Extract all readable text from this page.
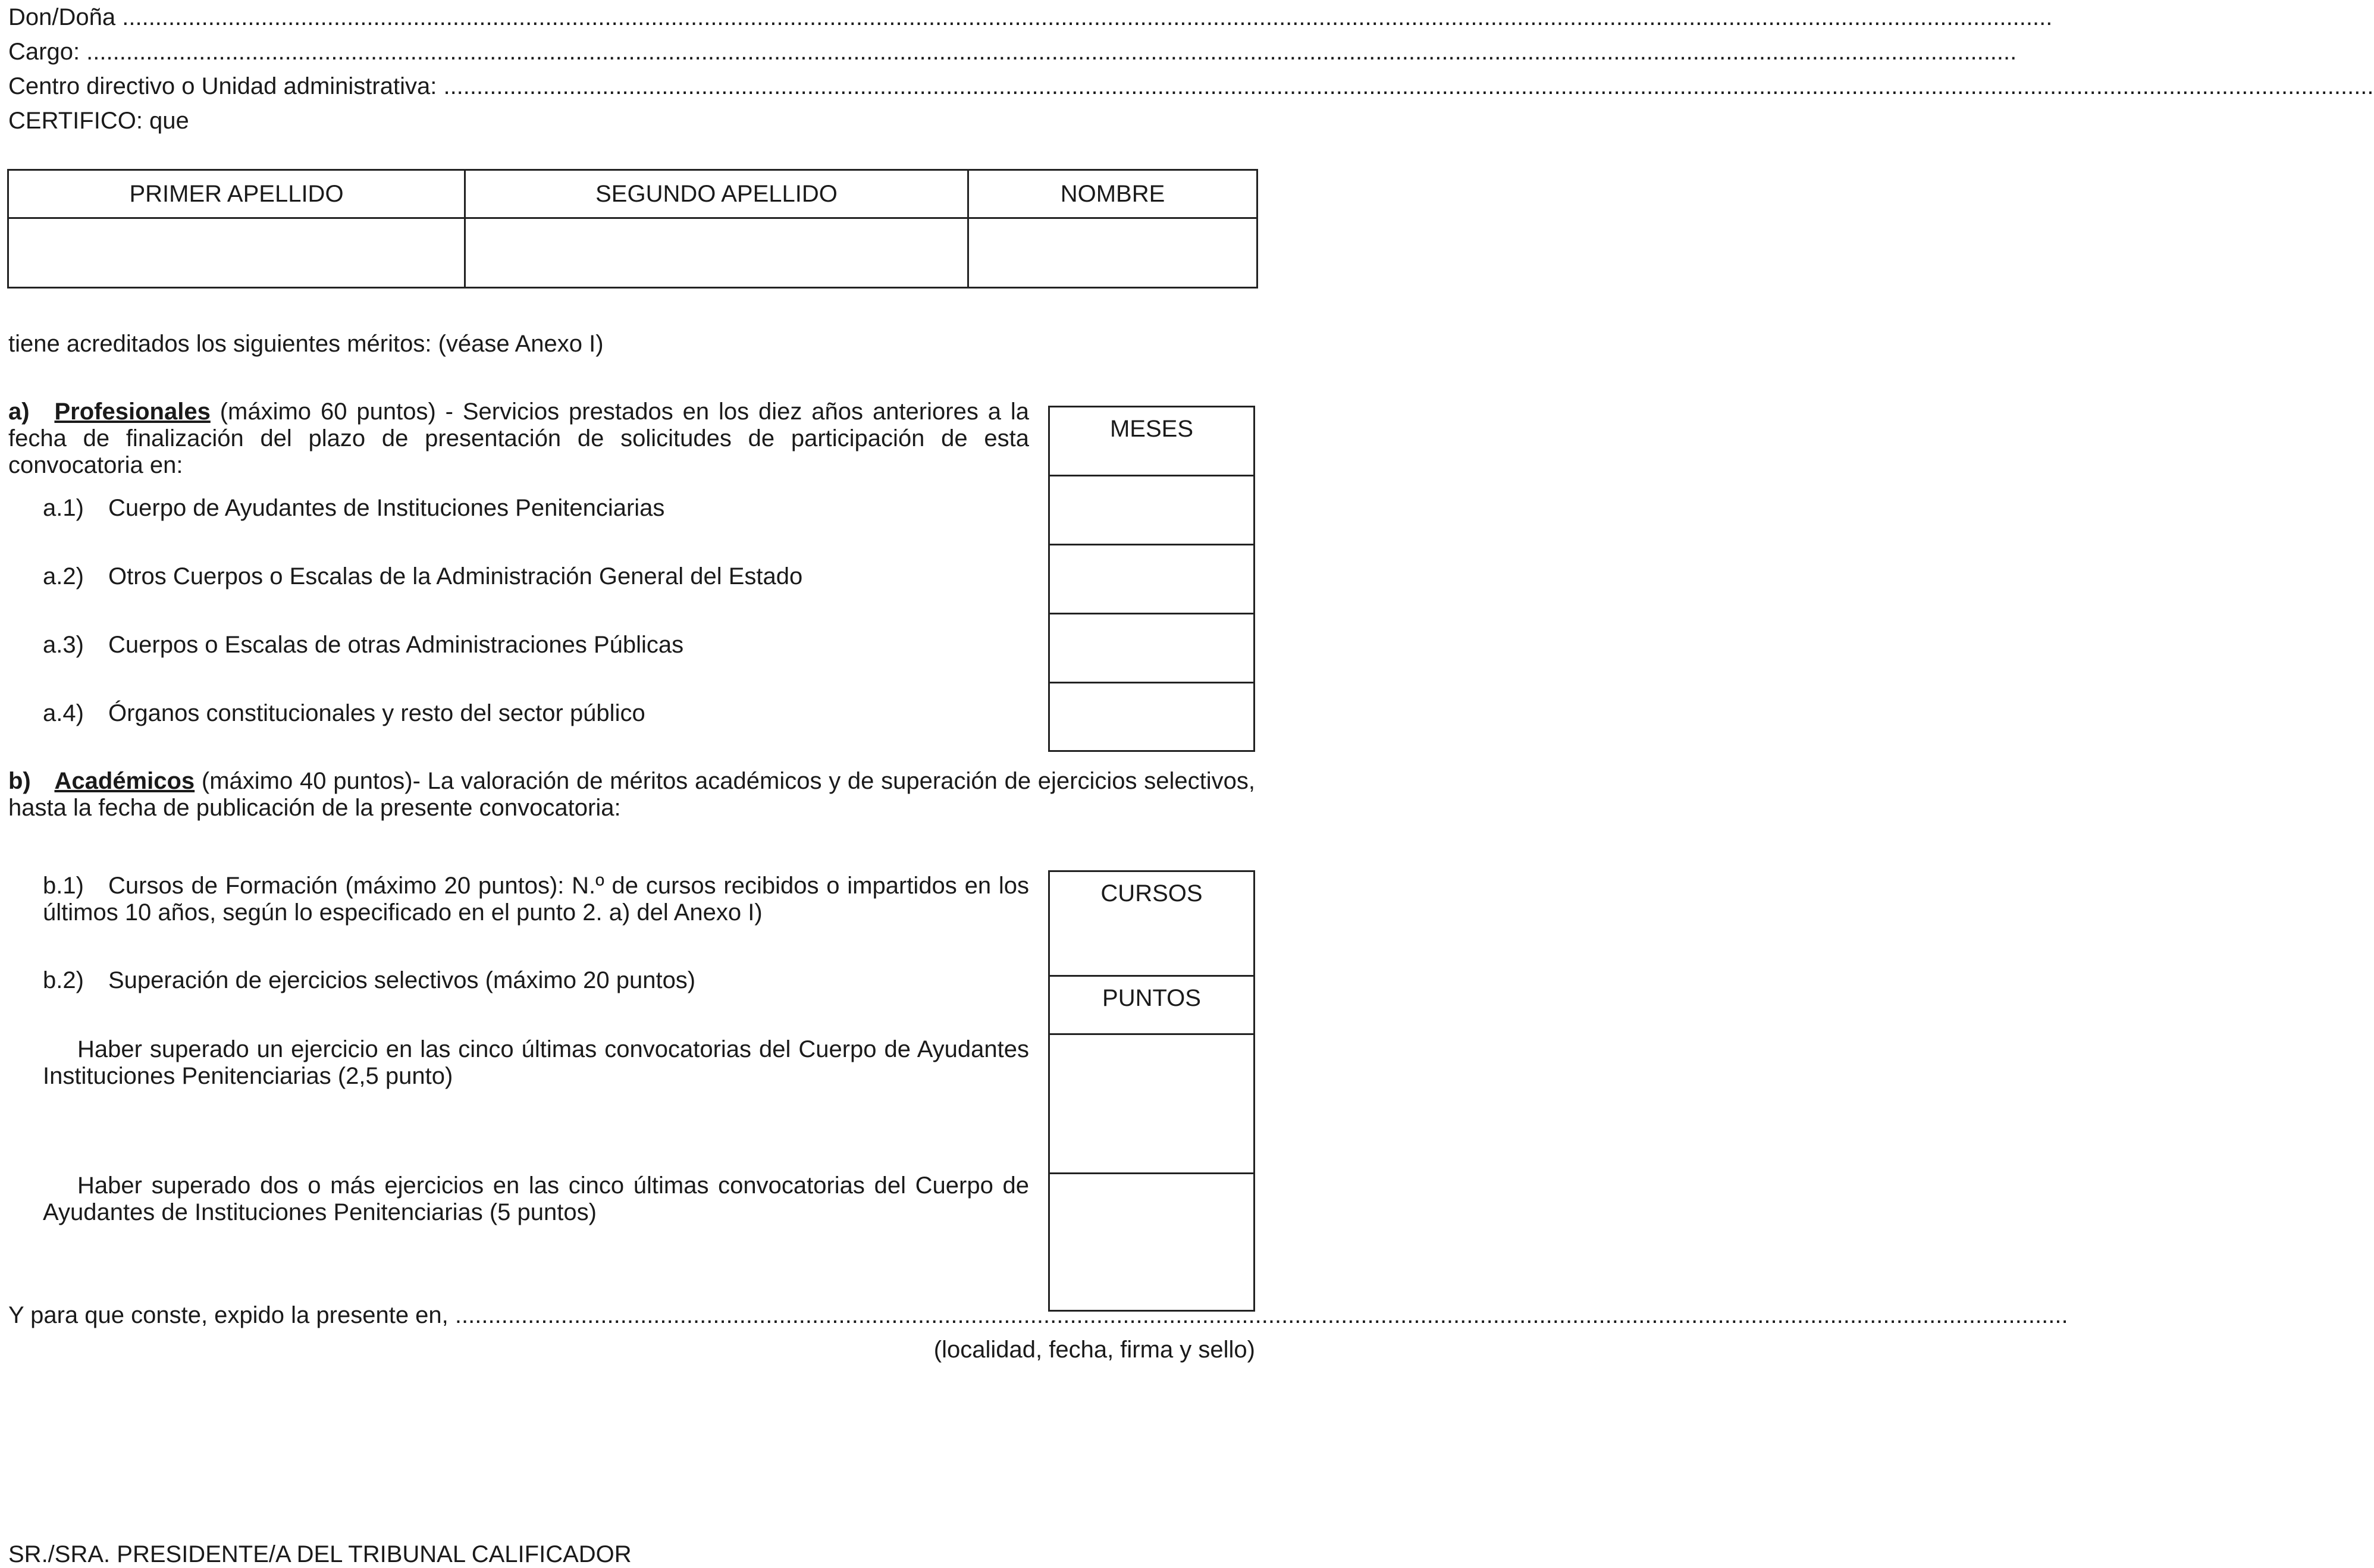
Don/Doña ....................................................................................................................................................................................................................................................................................................
Cargo: ....................................................................................................................................................................................................................................................................................................
Centro directivo o Unidad administrativa: ....................................................................................................................................................................................................................................................................................................
CERTIFICO: que
PRIMER APELLIDO	SEGUNDO APELLIDO	NOMBRE

tiene acreditados los siguientes méritos: (véase Anexo I)
a) Profesionales (máximo 60 puntos) - Servicios prestados en los diez años anteriores a la fecha de finalización del plazo de presentación de solicitudes de participación de esta convocatoria en:
MESES
a.1) Cuerpo de Ayudantes de Instituciones Penitenciarias
a.2) Otros Cuerpos o Escalas de la Administración General del Estado
a.3) Cuerpos o Escalas de otras Administraciones Públicas
a.4) Órganos constitucionales y resto del sector público
b) Académicos (máximo 40 puntos)- La valoración de méritos académicos y de superación de ejercicios selectivos, hasta la fecha de publicación de la presente convocatoria:
b.1) Cursos de Formación (máximo 20 puntos): N.º de cursos recibidos o impartidos en los últimos 10 años, según lo especificado en el punto 2. a) del Anexo I)
b.2) Superación de ejercicios selectivos (máximo 20 puntos)
Haber superado un ejercicio en las cinco últimas convocatorias del Cuerpo de Ayudantes Instituciones Penitenciarias (2,5 punto)
Haber superado dos o más ejercicios en las cinco últimas convocatorias del Cuerpo de Ayudantes de Instituciones Penitenciarias (5 puntos)
CURSOS
PUNTOS
Y para que conste, expido la presente en, ....................................................................................................................................................................................................................................................
(localidad, fecha, firma y sello)
SR./SRA. PRESIDENTE/A DEL TRIBUNAL CALIFICADOR
